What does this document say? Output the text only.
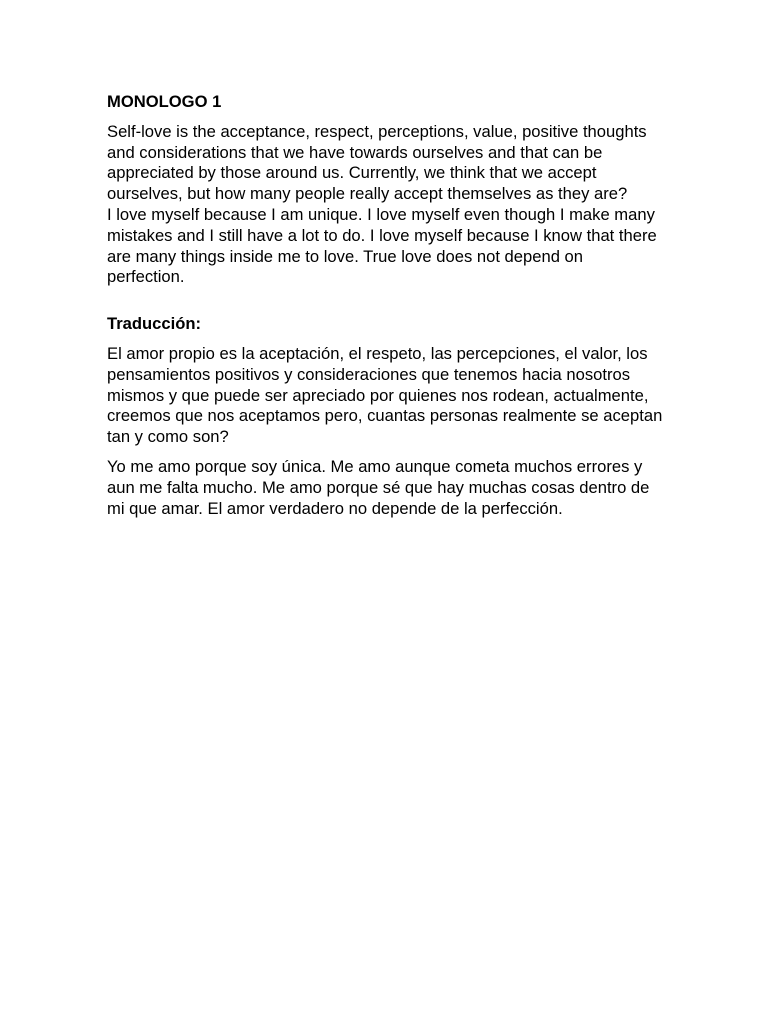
MONOLOGO 1
Self-love is the acceptance, respect, perceptions, value, positive thoughts and considerations that we have towards ourselves and that can be appreciated by those around us. Currently, we think that we accept ourselves, but how many people really accept themselves as they are?
I love myself because I am unique. I love myself even though I make many mistakes and I still have a lot to do. I love myself because I know that there are many things inside me to love. True love does not depend on perfection.
Traducción:
El amor propio es la aceptación, el respeto, las percepciones, el valor, los pensamientos positivos y consideraciones que tenemos hacia nosotros mismos y que puede ser apreciado por quienes nos rodean, actualmente, creemos que nos aceptamos pero, cuantas personas realmente se aceptan tan y como son?
Yo me amo porque soy única. Me amo aunque cometa muchos errores y aun me falta mucho. Me amo porque sé que hay muchas cosas dentro de mi que amar. El amor verdadero no depende de la perfección.
